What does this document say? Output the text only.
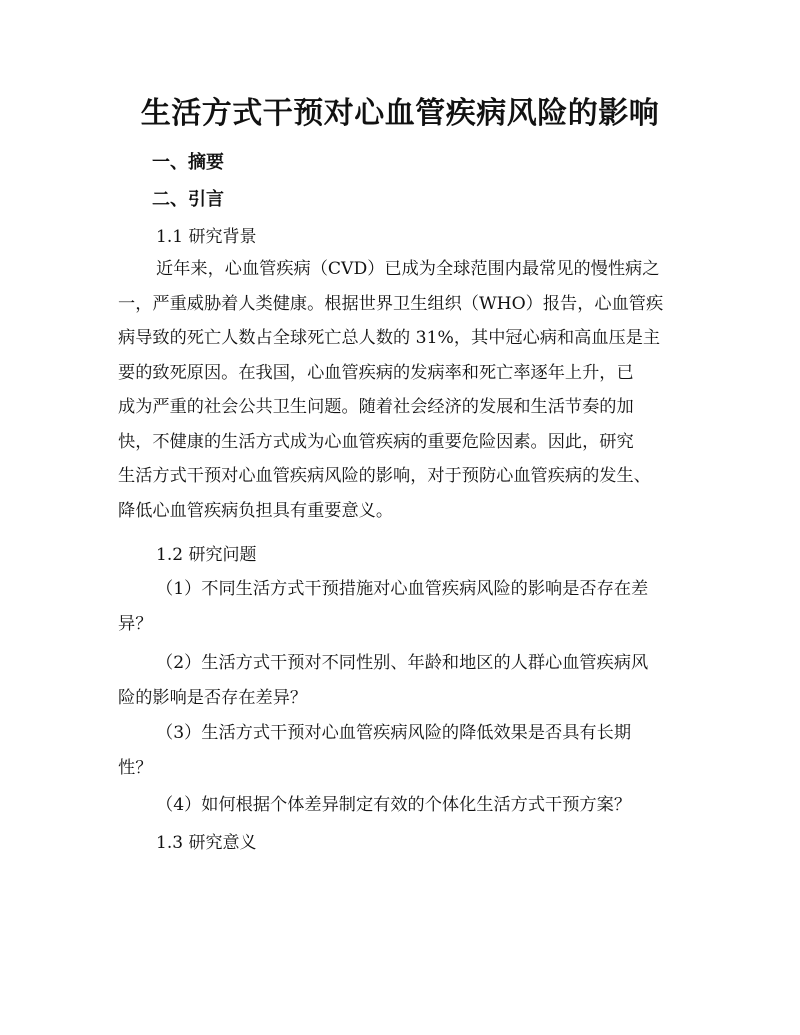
生活方式干预对心血管疾病风险的影响

一、摘要

二、引言

1.1 研究背景

近年来，心血管疾病（CVD）已成为全球范围内最常见的慢性病之
一，严重威胁着人类健康。根据世界卫生组织（WHO）报告，心血管疾
病导致的死亡人数占全球死亡总人数的 31%，其中冠心病和高血压是主
要的致死原因。在我国，心血管疾病的发病率和死亡率逐年上升，已
成为严重的社会公共卫生问题。随着社会经济的发展和生活节奏的加
快，不健康的生活方式成为心血管疾病的重要危险因素。因此，研究
生活方式干预对心血管疾病风险的影响，对于预防心血管疾病的发生、
降低心血管疾病负担具有重要意义。

1.2 研究问题

（1）不同生活方式干预措施对心血管疾病风险的影响是否存在差
异？
（2）生活方式干预对不同性别、年龄和地区的人群心血管疾病风
险的影响是否存在差异？
（3）生活方式干预对心血管疾病风险的降低效果是否具有长期
性？
（4）如何根据个体差异制定有效的个体化生活方式干预方案？

1.3 研究意义
